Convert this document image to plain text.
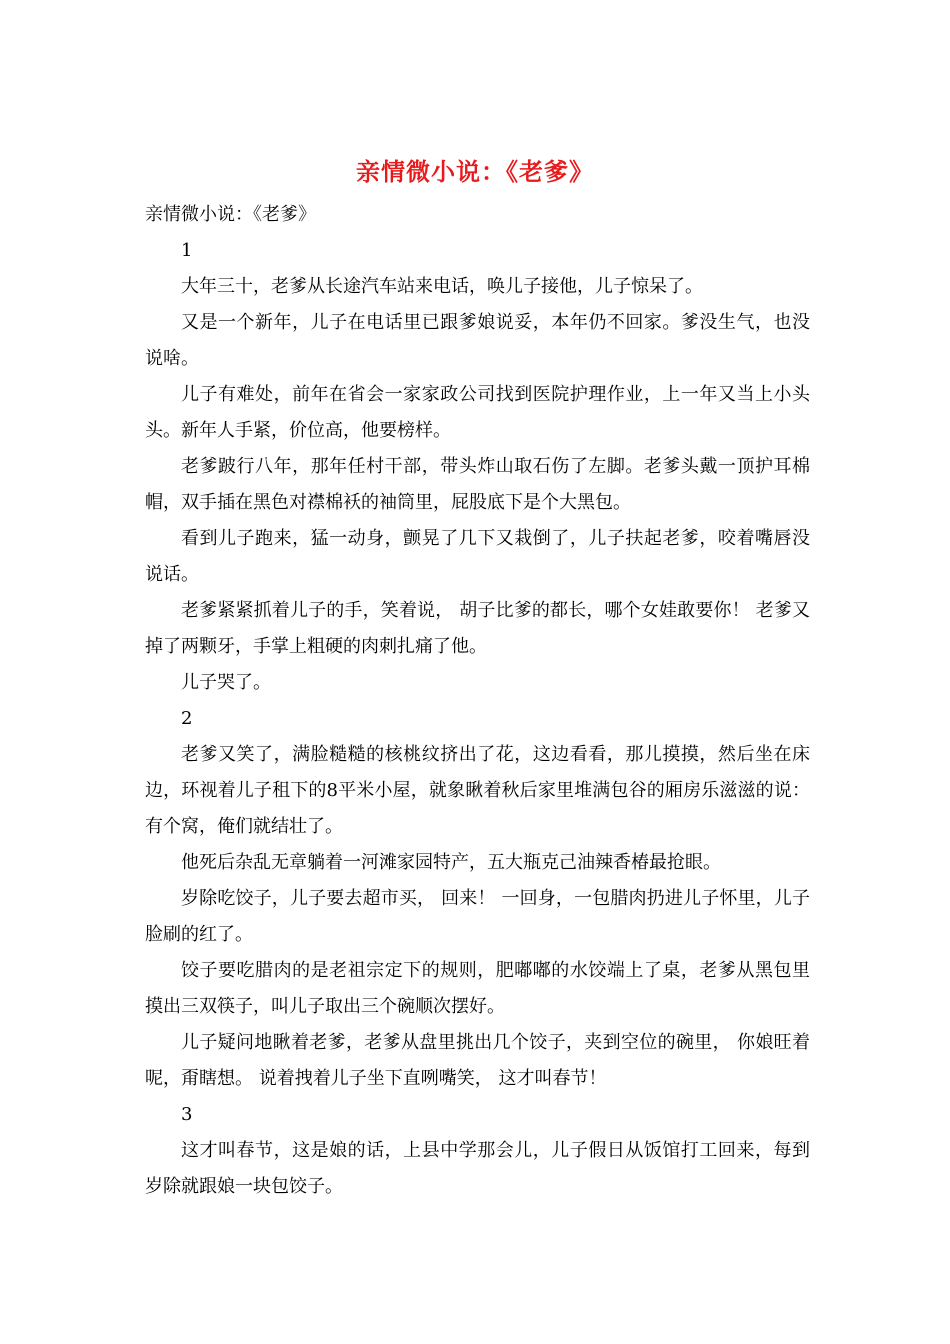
亲情微小说：《老爹》

亲情微小说：《老爹》

1

大年三十，老爹从长途汽车站来电话，唤儿子接他，儿子惊呆了。

又是一个新年，儿子在电话里已跟爹娘说妥，本年仍不回家。爹没生气，也没说啥。

儿子有难处，前年在省会一家家政公司找到医院护理作业，上一年又当上小头头。新年人手紧，价位高，他要榜样。

老爹跛行八年，那年任村干部，带头炸山取石伤了左脚。老爹头戴一顶护耳棉帽，双手插在黑色对襟棉袄的袖筒里，屁股底下是个大黑包。

看到儿子跑来，猛一动身，颤晃了几下又栽倒了，儿子扶起老爹，咬着嘴唇没说话。

老爹紧紧抓着儿子的手，笑着说， 胡子比爹的都长，哪个女娃敢要你！ 老爹又掉了两颗牙，手掌上粗硬的肉刺扎痛了他。

儿子哭了。

2

老爹又笑了，满脸糙糙的核桃纹挤出了花，这边看看，那儿摸摸，然后坐在床边，环视着儿子租下的8平米小屋，就象瞅着秋后家里堆满包谷的厢房乐滋滋的说： 有个窝，俺们就结壮了。

他死后杂乱无章躺着一河滩家园特产，五大瓶克己油辣香椿最抢眼。

岁除吃饺子，儿子要去超市买， 回来！ 一回身，一包腊肉扔进儿子怀里，儿子脸刷的红了。

饺子要吃腊肉的是老祖宗定下的规则，肥嘟嘟的水饺端上了桌，老爹从黑包里摸出三双筷子，叫儿子取出三个碗顺次摆好。

儿子疑问地瞅着老爹，老爹从盘里挑出几个饺子，夹到空位的碗里， 你娘旺着呢，甭瞎想。 说着拽着儿子坐下直咧嘴笑， 这才叫春节！

3

这才叫春节，这是娘的话，上县中学那会儿，儿子假日从饭馆打工回来，每到岁除就跟娘一块包饺子。
